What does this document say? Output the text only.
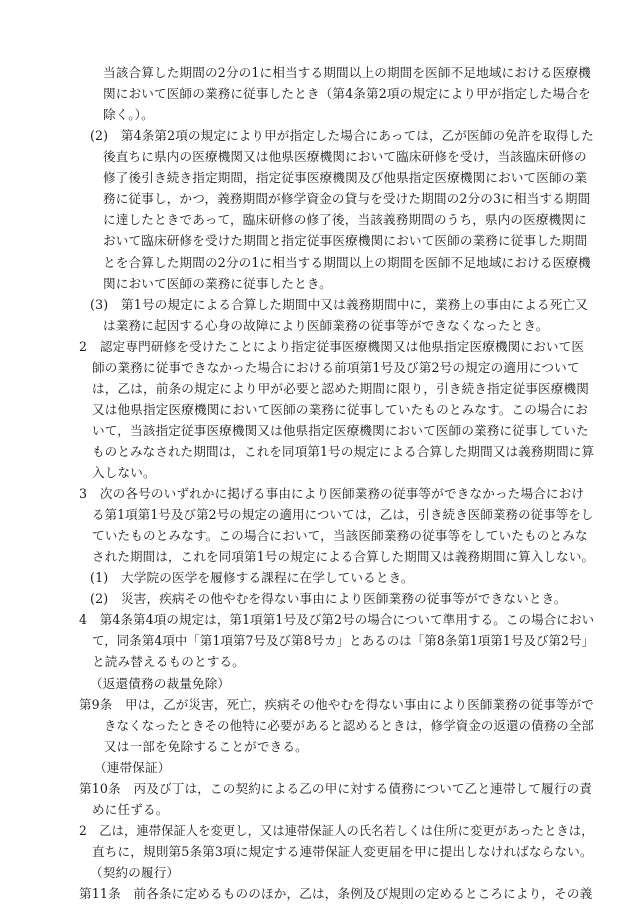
当該合算した期間の2分の1に相当する期間以上の期間を医師不足地域における医療機
関において医師の業務に従事したとき（第4条第2項の規定により甲が指定した場合を
除く。）。
(2)　第4条第2項の規定により甲が指定した場合にあっては，乙が医師の免許を取得した
後直ちに県内の医療機関又は他県医療機関において臨床研修を受け，当該臨床研修の
修了後引き続き指定期間，指定従事医療機関及び他県指定医療機関において医師の業
務に従事し，かつ，義務期間が修学資金の貸与を受けた期間の2分の3に相当する期間
に達したときであって，臨床研修の修了後，当該義務期間のうち，県内の医療機関に
おいて臨床研修を受けた期間と指定従事医療機関において医師の業務に従事した期間
とを合算した期間の2分の1に相当する期間以上の期間を医師不足地域における医療機
関において医師の業務に従事したとき。
(3)　第1号の規定による合算した期間中又は義務期間中に，業務上の事由による死亡又
は業務に起因する心身の故障により医師業務の従事等ができなくなったとき。
2　認定専門研修を受けたことにより指定従事医療機関又は他県指定医療機関において医
師の業務に従事できなかった場合における前項第1号及び第2号の規定の適用について
は，乙は，前条の規定により甲が必要と認めた期間に限り，引き続き指定従事医療機関
又は他県指定医療機関において医師の業務に従事していたものとみなす。この場合にお
いて，当該指定従事医療機関又は他県指定医療機関において医師の業務に従事していた
ものとみなされた期間は，これを同項第1号の規定による合算した期間又は義務期間に算
入しない。
3　次の各号のいずれかに掲げる事由により医師業務の従事等ができなかった場合におけ
る第1項第1号及び第2号の規定の適用については，乙は，引き続き医師業務の従事等をし
ていたものとみなす。この場合において，当該医師業務の従事等をしていたものとみな
された期間は，これを同項第1号の規定による合算した期間又は義務期間に算入しない。
(1)　大学院の医学を履修する課程に在学しているとき。
(2)　災害，疾病その他やむを得ない事由により医師業務の従事等ができないとき。
4　第4条第4項の規定は，第1項第1号及び第2号の場合について準用する。この場合におい
て，同条第4項中「第1項第7号及び第8号カ」とあるのは「第8条第1項第1号及び第2号」
と読み替えるものとする。
（返還債務の裁量免除）
第9条　甲は，乙が災害，死亡，疾病その他やむを得ない事由により医師業務の従事等がで
きなくなったときその他特に必要があると認めるときは，修学資金の返還の債務の全部
又は一部を免除することができる。
（連帯保証）
第10条　丙及び丁は，この契約による乙の甲に対する債務について乙と連帯して履行の責
めに任ずる。
2　乙は，連帯保証人を変更し，又は連帯保証人の氏名若しくは住所に変更があったときは，
直ちに，規則第5条第3項に規定する連帯保証人変更届を甲に提出しなければならない。
（契約の履行）
第11条　前各条に定めるもののほか，乙は，条例及び規則の定めるところにより，その義
